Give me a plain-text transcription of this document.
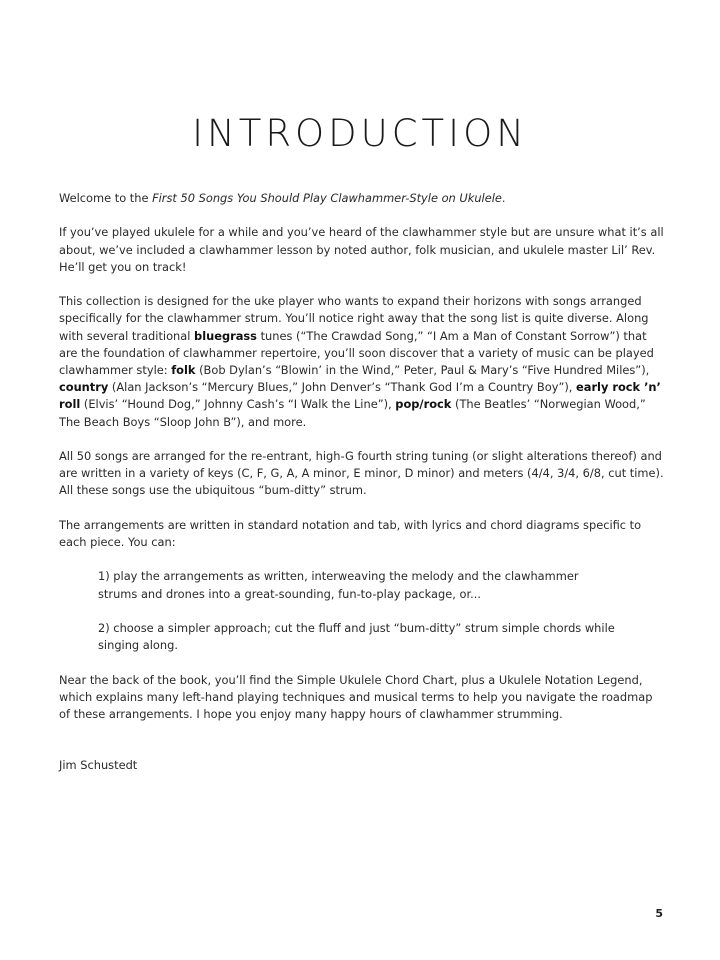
INTRODUCTION

Welcome to the First 50 Songs You Should Play Clawhammer-Style on Ukulele.

If you’ve played ukulele for a while and you’ve heard of the clawhammer style but are unsure what it’s all about, we’ve included a clawhammer lesson by noted author, folk musician, and ukulele master Lil’ Rev. He’ll get you on track!

This collection is designed for the uke player who wants to expand their horizons with songs arranged specifically for the clawhammer strum. You’ll notice right away that the song list is quite diverse. Along with several traditional bluegrass tunes (“The Crawdad Song,” “I Am a Man of Constant Sorrow”) that are the foundation of clawhammer repertoire, you’ll soon discover that a variety of music can be played clawhammer style: folk (Bob Dylan’s “Blowin’ in the Wind,” Peter, Paul & Mary’s “Five Hundred Miles”), country (Alan Jackson’s “Mercury Blues,” John Denver’s “Thank God I’m a Country Boy”), early rock ’n’ roll (Elvis’ “Hound Dog,” Johnny Cash’s “I Walk the Line”), pop/rock (The Beatles’ “Norwegian Wood,” The Beach Boys “Sloop John B”), and more.

All 50 songs are arranged for the re-entrant, high-G fourth string tuning (or slight alterations thereof) and are written in a variety of keys (C, F, G, A, A minor, E minor, D minor) and meters (4/4, 3/4, 6/8, cut time). All these songs use the ubiquitous “bum-ditty” strum.

The arrangements are written in standard notation and tab, with lyrics and chord diagrams specific to each piece. You can:

1) play the arrangements as written, interweaving the melody and the clawhammer strums and drones into a great-sounding, fun-to-play package, or...

2) choose a simpler approach; cut the fluff and just “bum-ditty” strum simple chords while singing along.

Near the back of the book, you’ll find the Simple Ukulele Chord Chart, plus a Ukulele Notation Legend, which explains many left-hand playing techniques and musical terms to help you navigate the roadmap of these arrangements. I hope you enjoy many happy hours of clawhammer strumming.

Jim Schustedt

5
